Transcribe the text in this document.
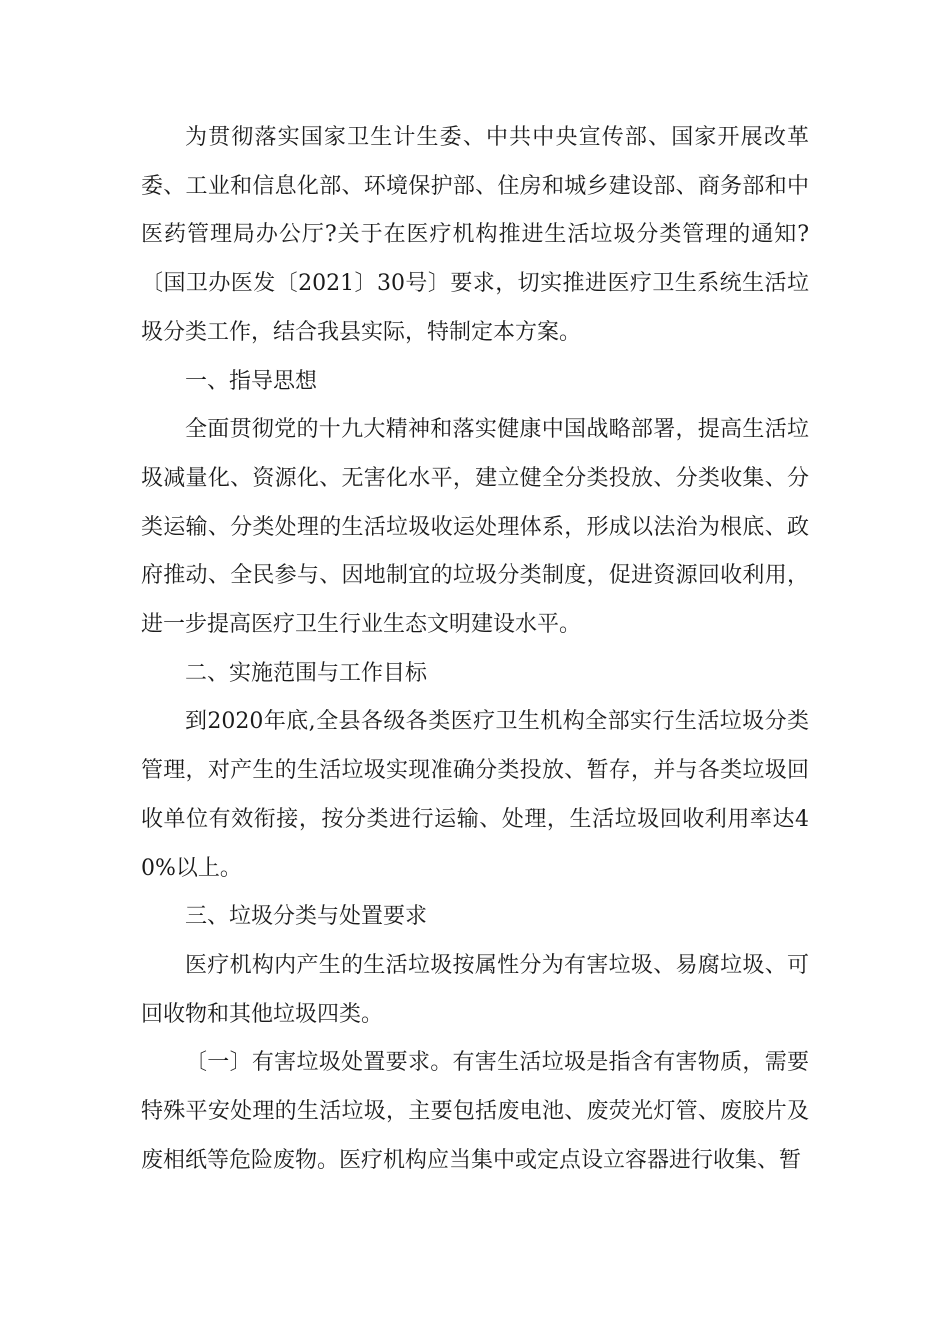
为贯彻落实国家卫生计生委、中共中央宣传部、国家开展改革委、工业和信息化部、环境保护部、住房和城乡建设部、商务部和中医药管理局办公厅?关于在医疗机构推进生活垃圾分类管理的通知?〔国卫办医发〔2021〕30号〕要求，切实推进医疗卫生系统生活垃圾分类工作，结合我县实际，特制定本方案。

一、指导思想

全面贯彻党的十九大精神和落实健康中国战略部署，提高生活垃圾减量化、资源化、无害化水平，建立健全分类投放、分类收集、分类运输、分类处理的生活垃圾收运处理体系，形成以法治为根底、政府推动、全民参与、因地制宜的垃圾分类制度，促进资源回收利用，进一步提高医疗卫生行业生态文明建设水平。

二、实施范围与工作目标

到2020年底,全县各级各类医疗卫生机构全部实行生活垃圾分类管理，对产生的生活垃圾实现准确分类投放、暂存，并与各类垃圾回收单位有效衔接，按分类进行运输、处理，生活垃圾回收利用率达40%以上。

三、垃圾分类与处置要求

医疗机构内产生的生活垃圾按属性分为有害垃圾、易腐垃圾、可回收物和其他垃圾四类。

〔一〕有害垃圾处置要求。有害生活垃圾是指含有害物质，需要特殊平安处理的生活垃圾，主要包括废电池、废荧光灯管、废胶片及废相纸等危险废物。医疗机构应当集中或定点设立容器进行收集、暂
